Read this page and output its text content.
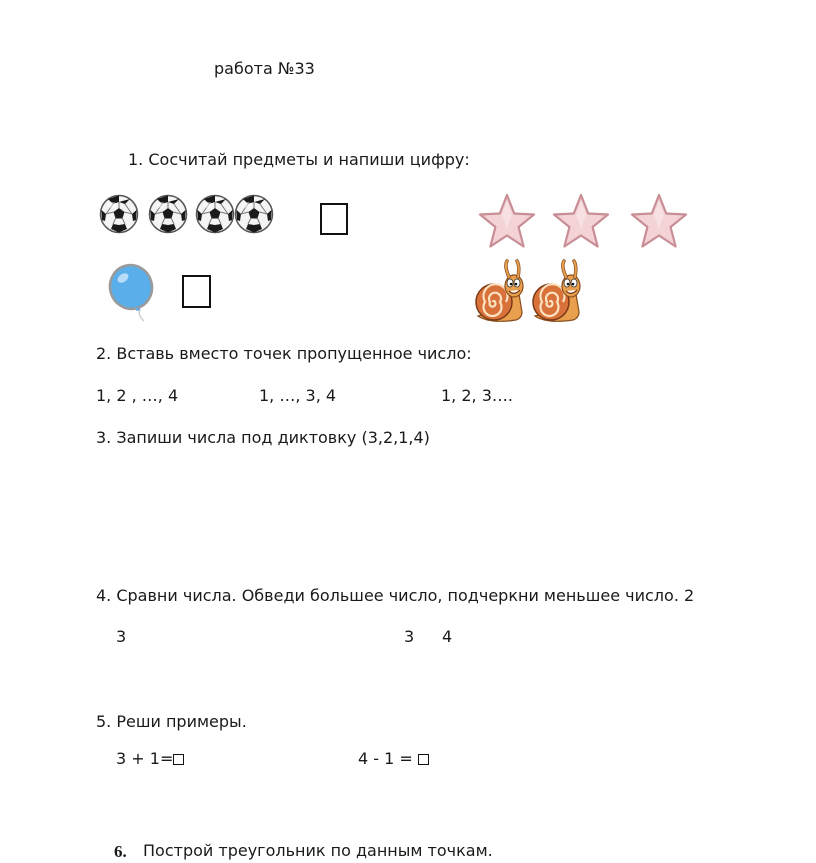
работа №33
1. Сосчитай предметы и напиши цифру:
2. Вставь вместо точек пропущенное число:
1, 2 , …, 4	1, …, 3, 4	1, 2, 3….
3. Запиши числа под диктовку (3,2,1,4)
4. Сравни числа. Обведи большее число, подчеркни меньшее число. 2
3	3 4
5. Реши примеры.
3 + 1=	4 - 1 =
6. Построй треугольник по данным точкам.
